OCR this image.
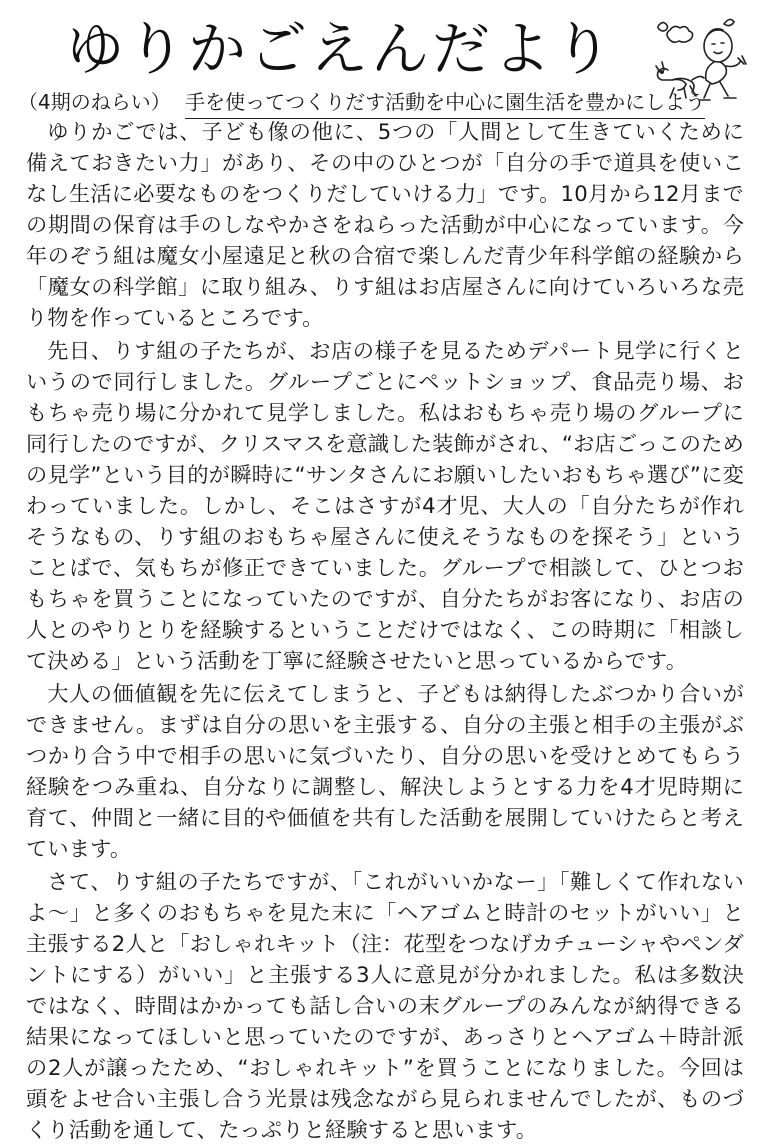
ゆりかごえんだより
（4期のねらい） 手を使ってつくりだす活動を中心に園生活を豊かにしよう

ゆりかごでは、子ども像の他に、5つの「人間として生きていくために備えておきたい力」があり、その中のひとつが「自分の手で道具を使いこなし生活に必要なものをつくりだしていける力」です。10月から12月までの期間の保育は手のしなやかさをねらった活動が中心になっています。今年のぞう組は魔女小屋遠足と秋の合宿で楽しんだ青少年科学館の経験から「魔女の科学館」に取り組み、りす組はお店屋さんに向けていろいろな売り物を作っているところです。

先日、りす組の子たちが、お店の様子を見るためデパート見学に行くというので同行しました。グループごとにペットショップ、食品売り場、おもちゃ売り場に分かれて見学しました。私はおもちゃ売り場のグループに同行したのですが、クリスマスを意識した装飾がされ、“お店ごっこのための見学”という目的が瞬時に“サンタさんにお願いしたいおもちゃ選び”に変わっていました。しかし、そこはさすが4才児、大人の「自分たちが作れそうなもの、りす組のおもちゃ屋さんに使えそうなものを探そう」ということばで、気もちが修正できていました。グループで相談して、ひとつおもちゃを買うことになっていたのですが、自分たちがお客になり、お店の人とのやりとりを経験するということだけではなく、この時期に「相談して決める」という活動を丁寧に経験させたいと思っているからです。

大人の価値観を先に伝えてしまうと、子どもは納得したぶつかり合いができません。まずは自分の思いを主張する、自分の主張と相手の主張がぶつかり合う中で相手の思いに気づいたり、自分の思いを受けとめてもらう経験をつみ重ね、自分なりに調整し、解決しようとする力を4才児時期に育て、仲間と一緒に目的や価値を共有した活動を展開していけたらと考えています。

さて、りす組の子たちですが、「これがいいかなー」「難しくて作れないよ〜」と多くのおもちゃを見た末に「ヘアゴムと時計のセットがいい」と主張する2人と「おしゃれキット（注：花型をつなげカチューシャやペンダントにする）がいい」と主張する3人に意見が分かれました。私は多数決ではなく、時間はかかっても話し合いの末グループのみんなが納得できる結果になってほしいと思っていたのですが、あっさりとヘアゴム＋時計派の2人が譲ったため、“おしゃれキット”を買うことになりました。今回は頭をよせ合い主張し合う光景は残念ながら見られませんでしたが、ものづくり活動を通して、たっぷりと経験すると思います。
